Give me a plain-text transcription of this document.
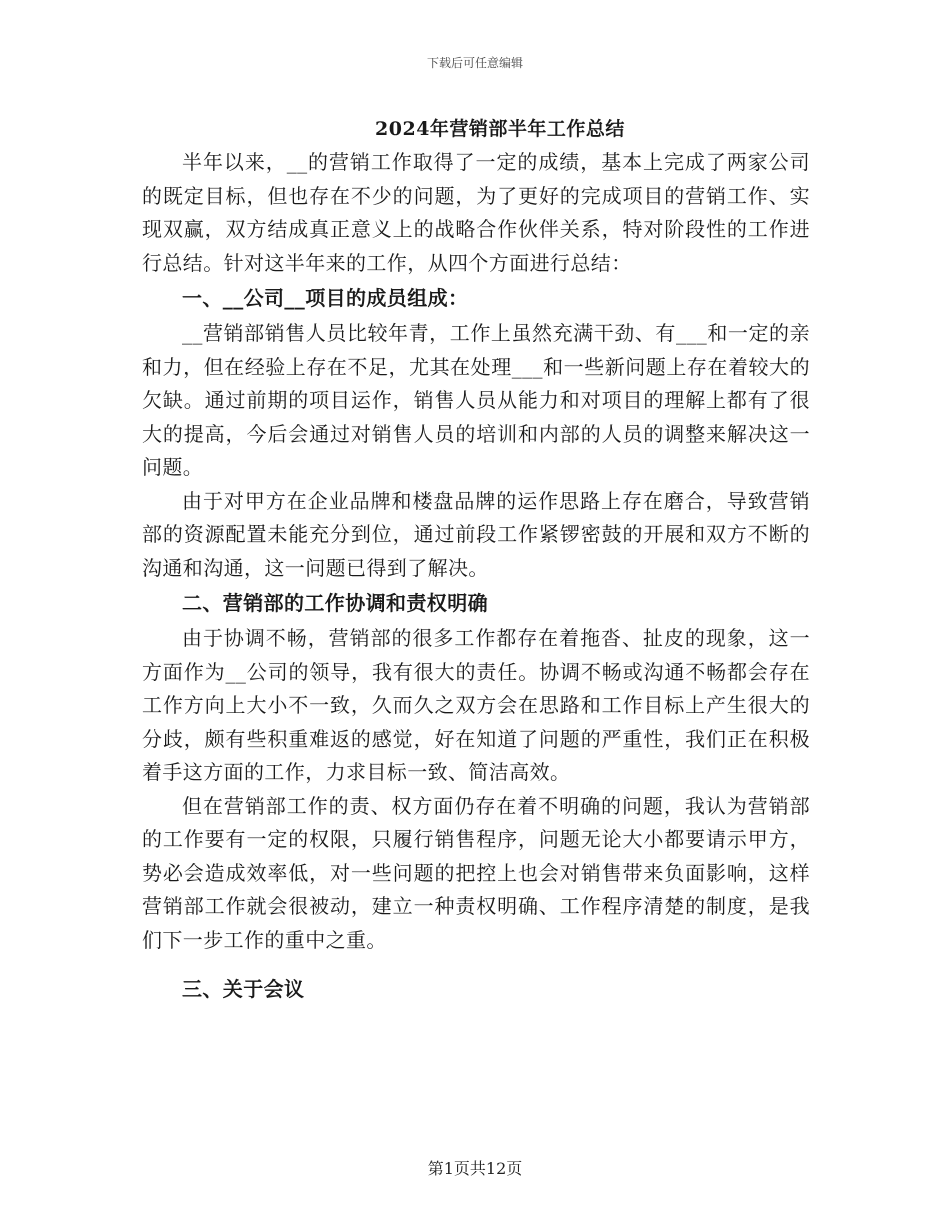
下载后可任意编辑
2024年营销部半年工作总结

半年以来，__的营销工作取得了一定的成绩，基本上完成了两家公司的既定目标，但也存在不少的问题，为了更好的完成项目的营销工作、实现双赢，双方结成真正意义上的战略合作伙伴关系，特对阶段性的工作进行总结。针对这半年来的工作，从四个方面进行总结：

一、__公司__项目的成员组成：

__营销部销售人员比较年青，工作上虽然充满干劲、有___和一定的亲和力，但在经验上存在不足，尤其在处理___和一些新问题上存在着较大的欠缺。通过前期的项目运作，销售人员从能力和对项目的理解上都有了很大的提高，今后会通过对销售人员的培训和内部的人员的调整来解决这一问题。

由于对甲方在企业品牌和楼盘品牌的运作思路上存在磨合，导致营销部的资源配置未能充分到位，通过前段工作紧锣密鼓的开展和双方不断的沟通和沟通，这一问题已得到了解决。

二、营销部的工作协调和责权明确

由于协调不畅，营销部的很多工作都存在着拖沓、扯皮的现象，这一方面作为__公司的领导，我有很大的责任。协调不畅或沟通不畅都会存在工作方向上大小不一致，久而久之双方会在思路和工作目标上产生很大的分歧，颇有些积重难返的感觉，好在知道了问题的严重性，我们正在积极着手这方面的工作，力求目标一致、简洁高效。

但在营销部工作的责、权方面仍存在着不明确的问题，我认为营销部的工作要有一定的权限，只履行销售程序，问题无论大小都要请示甲方，势必会造成效率低，对一些问题的把控上也会对销售带来负面影响，这样营销部工作就会很被动，建立一种责权明确、工作程序清楚的制度，是我们下一步工作的重中之重。

三、关于会议

第1页共12页
